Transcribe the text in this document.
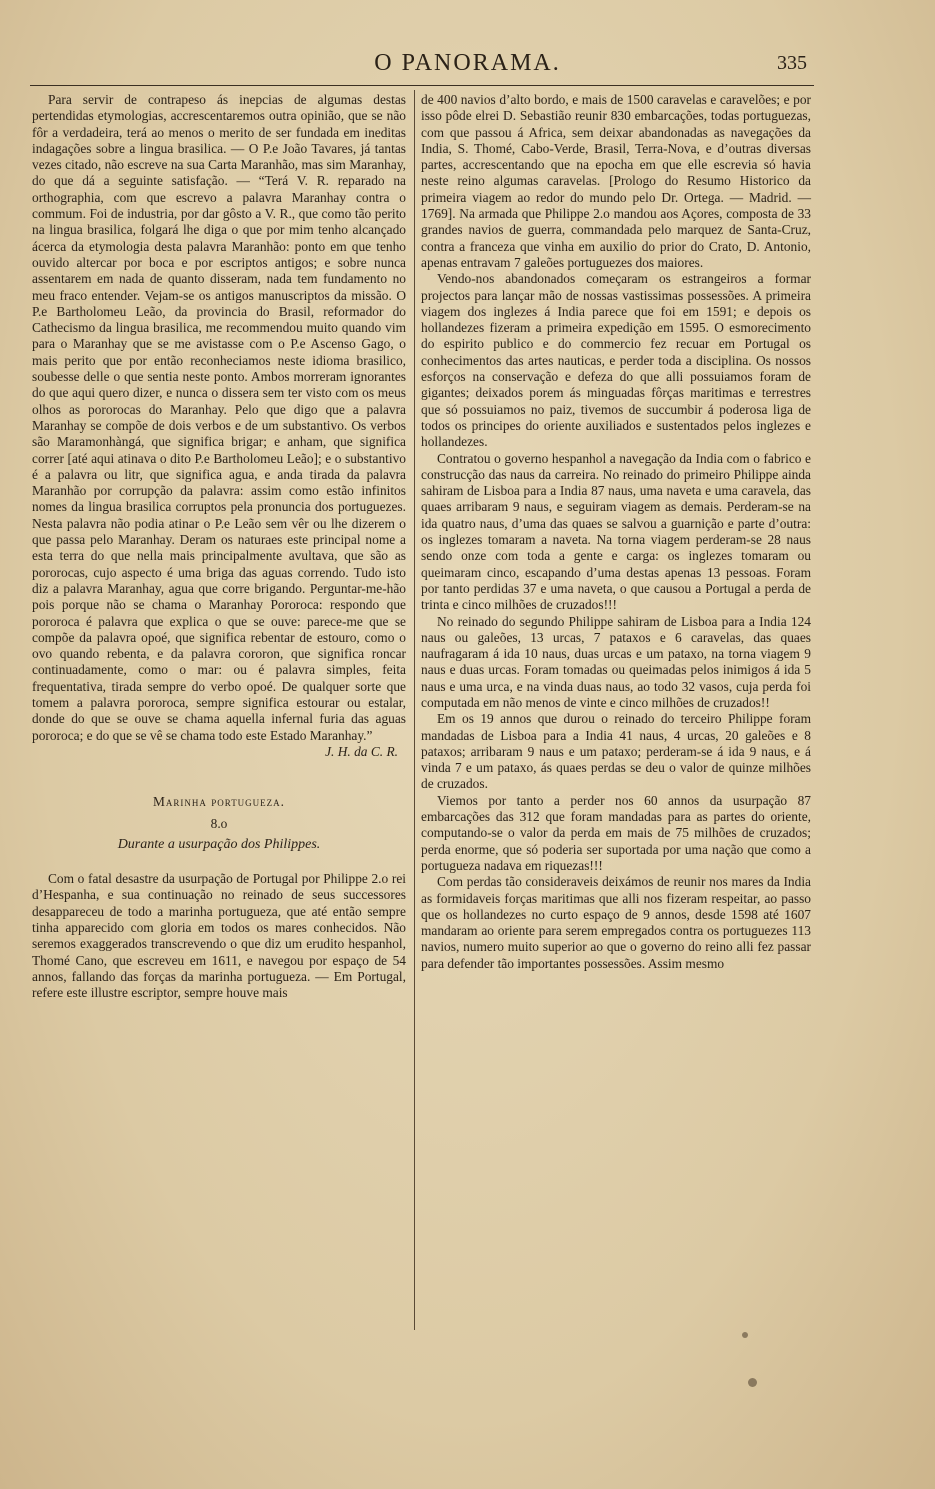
O PANORAMA.	335

Para servir de contrapeso ás inepcias de algumas destas pertendidas etymologias, accrescentaremos outra opinião, que se não fôr a verdadeira, terá ao menos o merito de ser fundada em ineditas indagações sobre a lingua brasilica. — O P.e João Tavares, já tantas vezes citado, não escreve na sua Carta Maranhão, mas sim Maranhay, do que dá a seguinte satisfação. — “Terá V. R. reparado na orthographia, com que escrevo a palavra Maranhay contra o commum. Foi de industria, por dar gôsto a V. R., que como tão perito na lingua brasilica, folgará lhe diga o que por mim tenho alcançado ácerca da etymologia desta palavra Maranhão: ponto em que tenho ouvido altercar por boca e por escriptos antigos; e sobre nunca assentarem em nada de quanto disseram, nada tem fundamento no meu fraco entender. Vejam-se os antigos manuscriptos da missão. O P.e Bartholomeu Leão, da provincia do Brasil, reformador do Cathecismo da lingua brasilica, me recommendou muito quando vim para o Maranhay que se me avistasse com o P.e Ascenso Gago, o mais perito que por então reconheciamos neste idioma brasilico, soubesse delle o que sentia neste ponto. Ambos morreram ignorantes do que aqui quero dizer, e nunca o dissera sem ter visto com os meus olhos as pororocas do Maranhay. Pelo que digo que a palavra Maranhay se compõe de dois verbos e de um substantivo. Os verbos são Maramonhàngá, que significa brigar; e anham, que significa correr [até aqui atinava o dito P.e Bartholomeu Leão]; e o substantivo é a palavra ou litr, que significa agua, e anda tirada da palavra Maranhão por corrupção da palavra: assim como estão infinitos nomes da lingua brasilica corruptos pela pronuncia dos portuguezes. Nesta palavra não podia atinar o P.e Leão sem vêr ou lhe dizerem o que passa pelo Maranhay. Deram os naturaes este principal nome a esta terra do que nella mais principalmente avultava, que são as pororocas, cujo aspecto é uma briga das aguas correndo. Tudo isto diz a palavra Maranhay, agua que corre brigando. Perguntar-me-hão pois porque não se chama o Maranhay Pororoca: respondo que pororoca é palavra que explica o que se ouve: parece-me que se compõe da palavra opoé, que significa rebentar de estouro, como o ovo quando rebenta, e da palavra cororon, que significa roncar continuadamente, como o mar: ou é palavra simples, feita frequentativa, tirada sempre do verbo opoé. De qualquer sorte que tomem a palavra pororoca, sempre significa estourar ou estalar, donde do que se ouve se chama aquella infernal furia das aguas pororoca; e do que se vê se chama todo este Estado Maranhay.”

J. H. da C. R.

Marinha portugueza.
8.o
Durante a usurpação dos Philippes.

Com o fatal desastre da usurpação de Portugal por Philippe 2.o rei d’Hespanha, e sua continuação no reinado de seus successores desappareceu de todo a marinha portugueza, que até então sempre tinha apparecido com gloria em todos os mares conhecidos. Não seremos exaggerados transcrevendo o que diz um erudito hespanhol, Thomé Cano, que escreveu em 1611, e navegou por espaço de 54 annos, fallando das forças da marinha portugueza. — Em Portugal, refere este illustre escriptor, sempre houve mais

de 400 navios d’alto bordo, e mais de 1500 caravelas e caravelões; e por isso pôde elrei D. Sebastião reunir 830 embarcações, todas portuguezas, com que passou á Africa, sem deixar abandonadas as navegações da India, S. Thomé, Cabo-Verde, Brasil, Terra-Nova, e d’outras diversas partes, accrescentando que na epocha em que elle escrevia só havia neste reino algumas caravelas. [Prologo do Resumo Historico da primeira viagem ao redor do mundo pelo Dr. Ortega. — Madrid. — 1769]. Na armada que Philippe 2.o mandou aos Açores, composta de 33 grandes navios de guerra, commandada pelo marquez de Santa-Cruz, contra a franceza que vinha em auxilio do prior do Crato, D. Antonio, apenas entravam 7 galeões portuguezes dos maiores.

Vendo-nos abandonados começaram os estrangeiros a formar projectos para lançar mão de nossas vastissimas possessões. A primeira viagem dos inglezes á India parece que foi em 1591; e depois os hollandezes fizeram a primeira expedição em 1595. O esmorecimento do espirito publico e do commercio fez recuar em Portugal os conhecimentos das artes nauticas, e perder toda a disciplina. Os nossos esforços na conservação e defeza do que alli possuiamos foram de gigantes; deixados porem ás minguadas fôrças maritimas e terrestres que só possuiamos no paiz, tivemos de succumbir á poderosa liga de todos os principes do oriente auxiliados e sustentados pelos inglezes e hollandezes.

Contratou o governo hespanhol a navegação da India com o fabrico e construcção das naus da carreira. No reinado do primeiro Philippe ainda sahiram de Lisboa para a India 87 naus, uma naveta e uma caravela, das quaes arribaram 9 naus, e seguiram viagem as demais. Perderam-se na ida quatro naus, d’uma das quaes se salvou a guarnição e parte d’outra: os inglezes tomaram a naveta. Na torna viagem perderam-se 28 naus sendo onze com toda a gente e carga: os inglezes tomaram ou queimaram cinco, escapando d’uma destas apenas 13 pessoas. Foram por tanto perdidas 37 e uma naveta, o que causou a Portugal a perda de trinta e cinco milhões de cruzados!!!

No reinado do segundo Philippe sahiram de Lisboa para a India 124 naus ou galeões, 13 urcas, 7 pataxos e 6 caravelas, das quaes naufragaram á ida 10 naus, duas urcas e um pataxo, na torna viagem 9 naus e duas urcas. Foram tomadas ou queimadas pelos inimigos á ida 5 naus e uma urca, e na vinda duas naus, ao todo 32 vasos, cuja perda foi computada em não menos de vinte e cinco milhões de cruzados!!

Em os 19 annos que durou o reinado do terceiro Philippe foram mandadas de Lisboa para a India 41 naus, 4 urcas, 20 galeões e 8 pataxos; arribaram 9 naus e um pataxo; perderam-se á ida 9 naus, e á vinda 7 e um pataxo, ás quaes perdas se deu o valor de quinze milhões de cruzados.

Viemos por tanto a perder nos 60 annos da usurpação 87 embarcações das 312 que foram mandadas para as partes do oriente, computando-se o valor da perda em mais de 75 milhões de cruzados; perda enorme, que só poderia ser suportada por uma nação que como a portugueza nadava em riquezas!!!

Com perdas tão consideraveis deixámos de reunir nos mares da India as formidaveis forças maritimas que alli nos fizeram respeitar, ao passo que os hollandezes no curto espaço de 9 annos, desde 1598 até 1607 mandaram ao oriente para serem empregados contra os portuguezes 113 navios, numero muito superior ao que o governo do reino alli fez passar para defender tão importantes possessões. Assim mesmo
